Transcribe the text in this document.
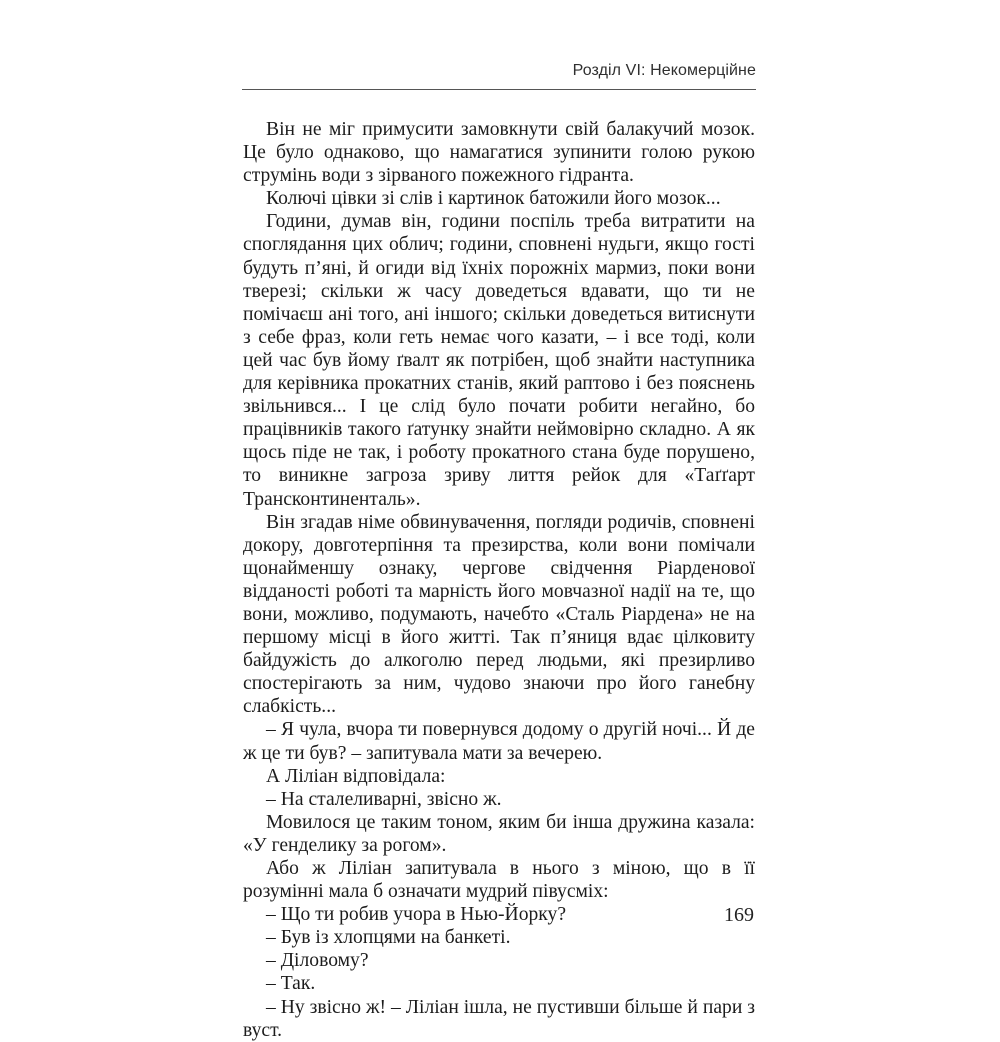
Розділ VI: Некомерційне

Він не міг примусити замовкнути свій балакучий мозок. Це було однаково, що намагатися зупинити голою рукою струмінь води з зірваного пожежного гідранта.

Колючі цівки зі слів і картинок батожили його мозок...

Години, думав він, години поспіль треба витратити на споглядання цих облич; години, сповнені нудьги, якщо гості будуть п’яні, й огиди від їхніх порожніх мармиз, поки вони тверезі; скільки ж часу доведеться вдавати, що ти не помічаєш ані того, ані іншого; скільки доведеться витиснути з себе фраз, коли геть немає чого казати, – і все тоді, коли цей час був йому ґвалт як потрібен, щоб знайти наступника для керівника прокатних станів, який раптово і без пояснень звільнився... І це слід було почати робити негайно, бо працівників такого ґатунку знайти неймовірно складно. А як щось піде не так, і роботу прокатного стана буде порушено, то виникне загроза зриву лиття рейок для «Таґґарт Трансконтиненталь».

Він згадав німе обвинувачення, погляди родичів, сповнені докору, довготерпіння та презирства, коли вони помічали щонайменшу ознаку, чергове свідчення Ріарденової відданості роботі та марність його мовчазної надії на те, що вони, можливо, подумають, начебто «Сталь Ріардена» не на першому місці в його житті. Так п’яниця вдає цілковиту байдужість до алкоголю перед людьми, які презирливо спостерігають за ним, чудово знаючи про його ганебну слабкість...

– Я чула, вчора ти повернувся додому о другій ночі... Й де ж це ти був? – запитувала мати за вечерею.

А Ліліан відповідала:

– На сталеливарні, звісно ж.

Мовилося це таким тоном, яким би інша дружина казала: «У генделику за рогом».

Або ж Ліліан запитувала в нього з міною, що в її розумінні мала б означати мудрий півусміх:

– Що ти робив учора в Нью-Йорку?

– Був із хлопцями на банкеті.

– Діловому?

– Так.

– Ну звісно ж! – Ліліан ішла, не пустивши більше й пари з вуст.

169
